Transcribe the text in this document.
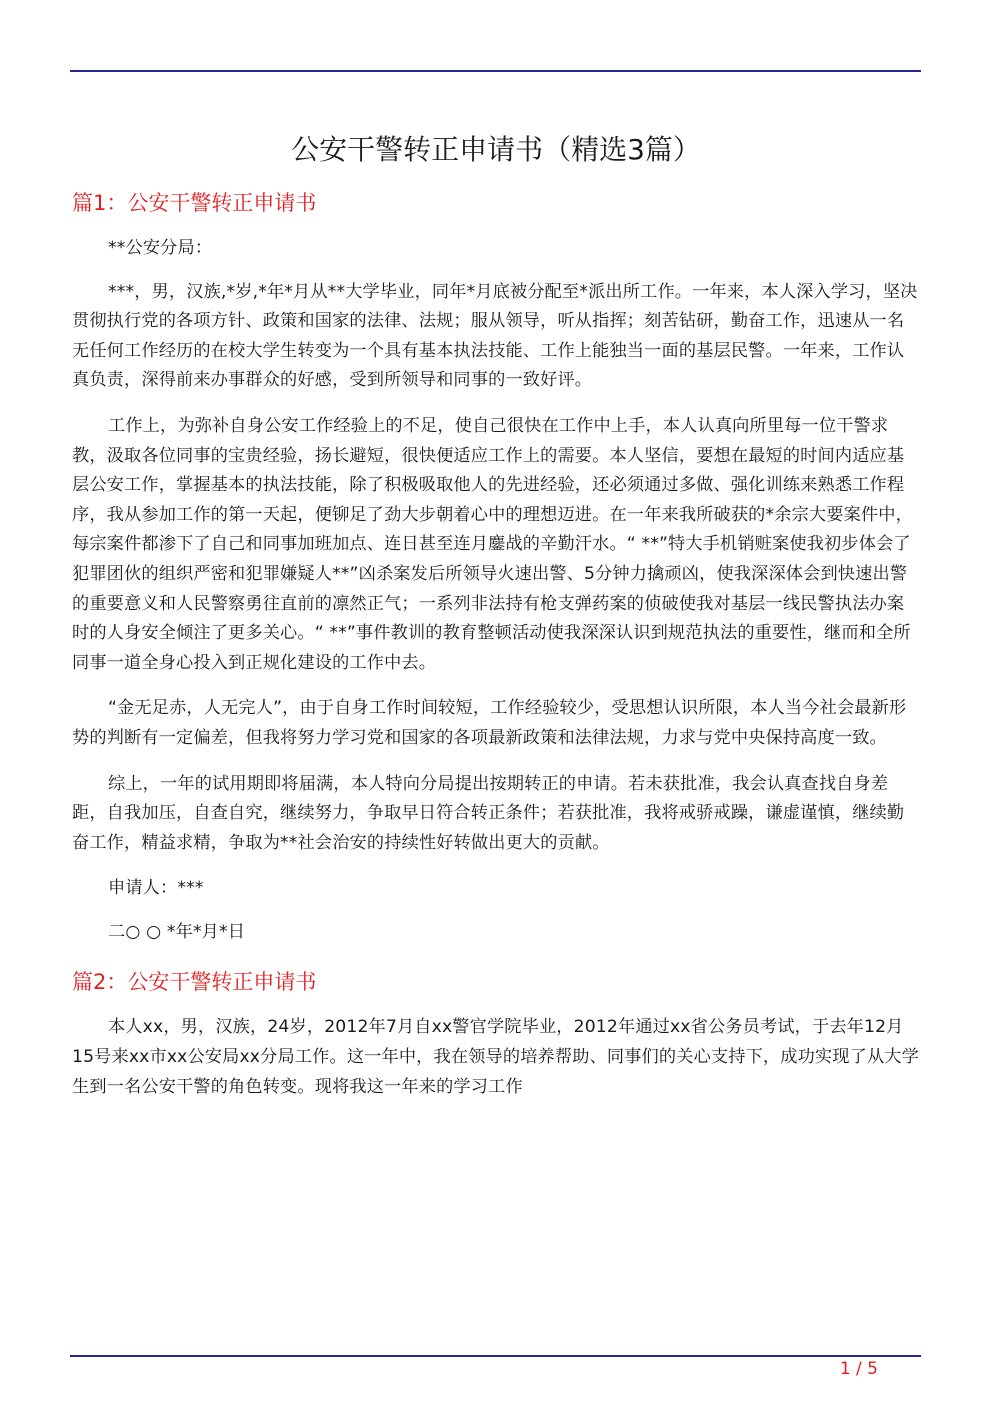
公安干警转正申请书（精选3篇）
篇1：公安干警转正申请书

**公安分局：

***，男，汉族,*岁,*年*月从**大学毕业，同年*月底被分配至*派出所工作。一年来，本人深入学习，坚决贯彻执行党的各项方针、政策和国家的法律、法规；服从领导，听从指挥；刻苦钻研，勤奋工作，迅速从一名无任何工作经历的在校大学生转变为一个具有基本执法技能、工作上能独当一面的基层民警。一年来，工作认真负责，深得前来办事群众的好感，受到所领导和同事的一致好评。

工作上，为弥补自身公安工作经验上的不足，使自己很快在工作中上手，本人认真向所里每一位干警求教，汲取各位同事的宝贵经验，扬长避短，很快便适应工作上的需要。本人坚信，要想在最短的时间内适应基层公安工作，掌握基本的执法技能，除了积极吸取他人的先进经验，还必须通过多做、强化训练来熟悉工作程序，我从参加工作的第一天起，便铆足了劲大步朝着心中的理想迈进。在一年来我所破获的*余宗大要案件中，每宗案件都渗下了自己和同事加班加点、连日甚至连月鏖战的辛勤汗水。“ **”特大手机销赃案使我初步体会了犯罪团伙的组织严密和犯罪嫌疑人**”凶杀案发后所领导火速出警、5分钟力擒顽凶，使我深深体会到快速出警的重要意义和人民警察勇往直前的凛然正气；一系列非法持有枪支弹药案的侦破使我对基层一线民警执法办案时的人身安全倾注了更多关心。“ **”事件教训的教育整顿活动使我深深认识到规范执法的重要性，继而和全所同事一道全身心投入到正规化建设的工作中去。

“金无足赤，人无完人”，由于自身工作时间较短，工作经验较少，受思想认识所限，本人当今社会最新形势的判断有一定偏差，但我将努力学习党和国家的各项最新政策和法律法规，力求与党中央保持高度一致。

综上，一年的试用期即将届满，本人特向分局提出按期转正的申请。若未获批准，我会认真查找自身差距，自我加压，自查自究，继续努力，争取早日符合转正条件；若获批准，我将戒骄戒躁，谦虚谨慎，继续勤奋工作，精益求精，争取为**社会治安的持续性好转做出更大的贡献。

申请人：***

二○ ○ *年*月*日

篇2：公安干警转正申请书

本人xx，男，汉族，24岁，2012年7月自xx警官学院毕业，2012年通过xx省公务员考试，于去年12月15号来xx市xx公安局xx分局工作。这一年中，我在领导的培养帮助、同事们的关心支持下，成功实现了从大学生到一名公安干警的角色转变。现将我这一年来的学习工作

1 / 5
